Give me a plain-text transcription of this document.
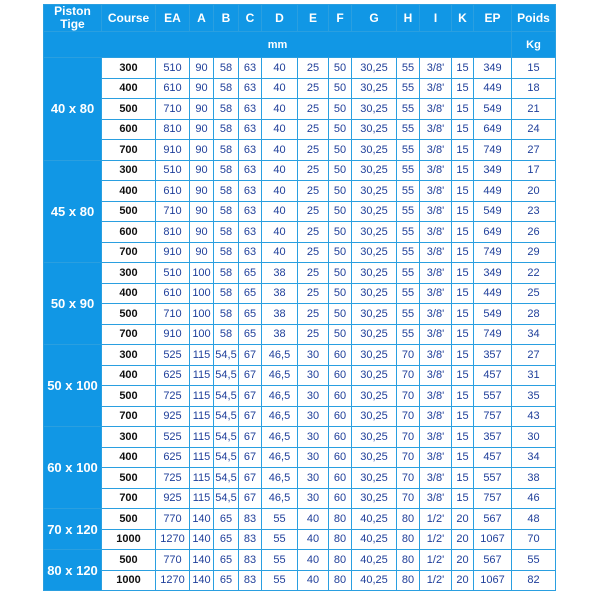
Piston Tige	Course	EA	A	B	C	D	E	F	G	H	I	K	EP	Poids
mm														Kg
40 x 80	300	510	90	58	63	40	25	50	30,25	55	3/8'	15	349	15
	400	610	90	58	63	40	25	50	30,25	55	3/8'	15	449	18
	500	710	90	58	63	40	25	50	30,25	55	3/8'	15	549	21
	600	810	90	58	63	40	25	50	30,25	55	3/8'	15	649	24
	700	910	90	58	63	40	25	50	30,25	55	3/8'	15	749	27
45 x 80	300	510	90	58	63	40	25	50	30,25	55	3/8'	15	349	17
	400	610	90	58	63	40	25	50	30,25	55	3/8'	15	449	20
	500	710	90	58	63	40	25	50	30,25	55	3/8'	15	549	23
	600	810	90	58	63	40	25	50	30,25	55	3/8'	15	649	26
	700	910	90	58	63	40	25	50	30,25	55	3/8'	15	749	29
50 x 90	300	510	100	58	65	38	25	50	30,25	55	3/8'	15	349	22
	400	610	100	58	65	38	25	50	30,25	55	3/8'	15	449	25
	500	710	100	58	65	38	25	50	30,25	55	3/8'	15	549	28
	700	910	100	58	65	38	25	50	30,25	55	3/8'	15	749	34
50 x 100	300	525	115	54,5	67	46,5	30	60	30,25	70	3/8'	15	357	27
	400	625	115	54,5	67	46,5	30	60	30,25	70	3/8'	15	457	31
	500	725	115	54,5	67	46,5	30	60	30,25	70	3/8'	15	557	35
	700	925	115	54,5	67	46,5	30	60	30,25	70	3/8'	15	757	43
60 x 100	300	525	115	54,5	67	46,5	30	60	30,25	70	3/8'	15	357	30
	400	625	115	54,5	67	46,5	30	60	30,25	70	3/8'	15	457	34
	500	725	115	54,5	67	46,5	30	60	30,25	70	3/8'	15	557	38
	700	925	115	54,5	67	46,5	30	60	30,25	70	3/8'	15	757	46
70 x 120	500	770	140	65	83	55	40	80	40,25	80	1/2'	20	567	48
	1000	1270	140	65	83	55	40	80	40,25	80	1/2'	20	1067	70
80 x 120	500	770	140	65	83	55	40	80	40,25	80	1/2'	20	567	55
	1000	1270	140	65	83	55	40	80	40,25	80	1/2'	20	1067	82
